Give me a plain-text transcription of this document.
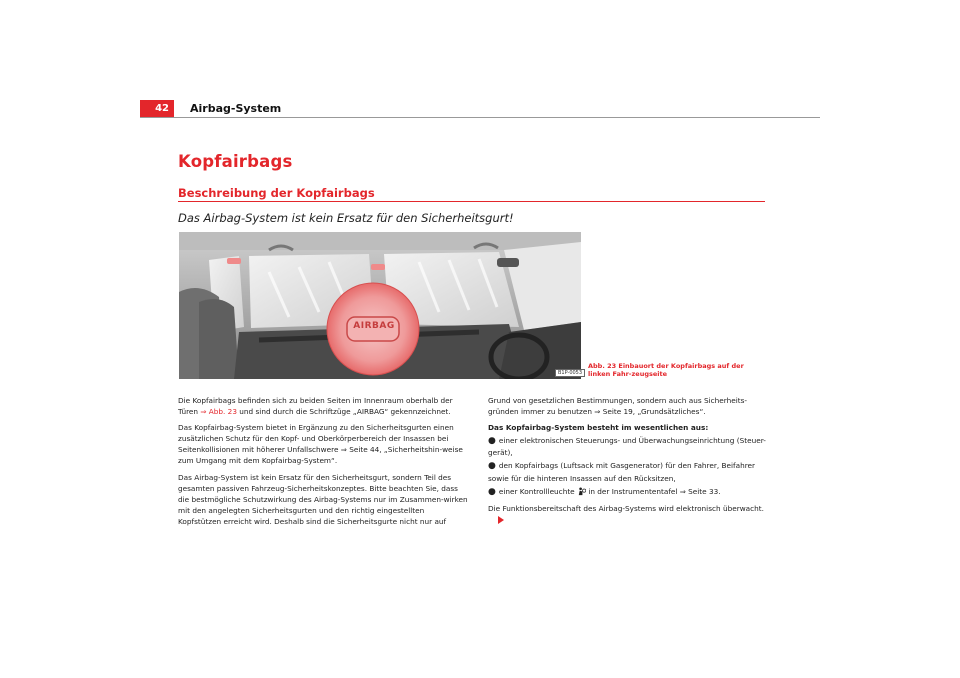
42	Airbag-System
Kopfairbags
Beschreibung der Kopfairbags
Das Airbag-System ist kein Ersatz für den Sicherheitsgurt!
AIRBAG
B1P-0053
Abb. 23 Einbauort der Kopfairbags auf der linken Fahr-zeugseite

Die Kopfairbags befinden sich zu beiden Seiten im Innenraum oberhalb der Türen ⇒ Abb. 23 und sind durch die Schriftzüge „AIRBAG“ gekennzeichnet.

Das Kopfairbag-System bietet in Ergänzung zu den Sicherheitsgurten einen zusätzlichen Schutz für den Kopf- und Oberkörperbereich der Insassen bei Seitenkollisionen mit höherer Unfallschwere ⇒ Seite 44, „Sicherheitshin-weise zum Umgang mit dem Kopfairbag-System“.

Das Airbag-System ist kein Ersatz für den Sicherheitsgurt, sondern Teil des gesamten passiven Fahrzeug-Sicherheitskonzeptes. Bitte beachten Sie, dass die bestmögliche Schutzwirkung des Airbag-Systems nur im Zusammen-wirken mit den angelegten Sicherheitsgurten und den richtig eingestellten Kopfstützen erreicht wird. Deshalb sind die Sicherheitsgurte nicht nur auf

Grund von gesetzlichen Bestimmungen, sondern auch aus Sicherheits-gründen immer zu benutzen ⇒ Seite 19, „Grundsätzliches“.

Das Kopfairbag-System besteht im wesentlichen aus:

● einer elektronischen Steuerungs- und Überwachungseinrichtung (Steuer-gerät),
● den Kopfairbags (Luftsack mit Gasgenerator) für den Fahrer, Beifahrer sowie für die hinteren Insassen auf den Rücksitzen,
● einer Kontrollleuchte  in der Instrumententafel ⇒ Seite 33.

Die Funktionsbereitschaft des Airbag-Systems wird elektronisch überwacht.
